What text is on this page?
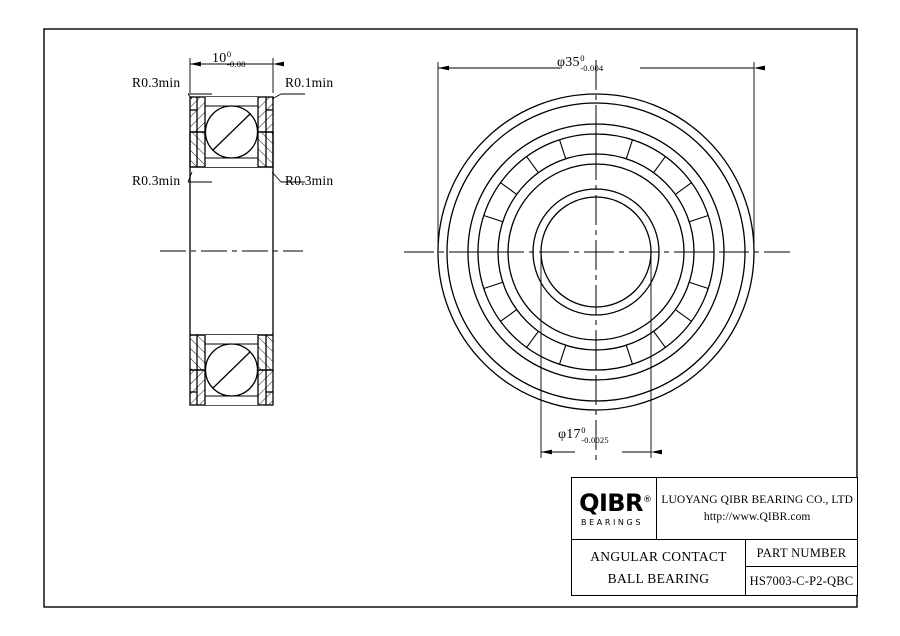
10 0
-0.08	φ35 0
-0.004
φ17 0
-0.0025
R0.3min	R0.1min
R0.3min	R0.3min
QIBR®
BEARINGS
LUOYANG QIBR BEARING CO., LTD
http://www.QIBR.com
ANGULAR CONTACT
BALL BEARING
PART NUMBER
HS7003-C-P2-QBC
